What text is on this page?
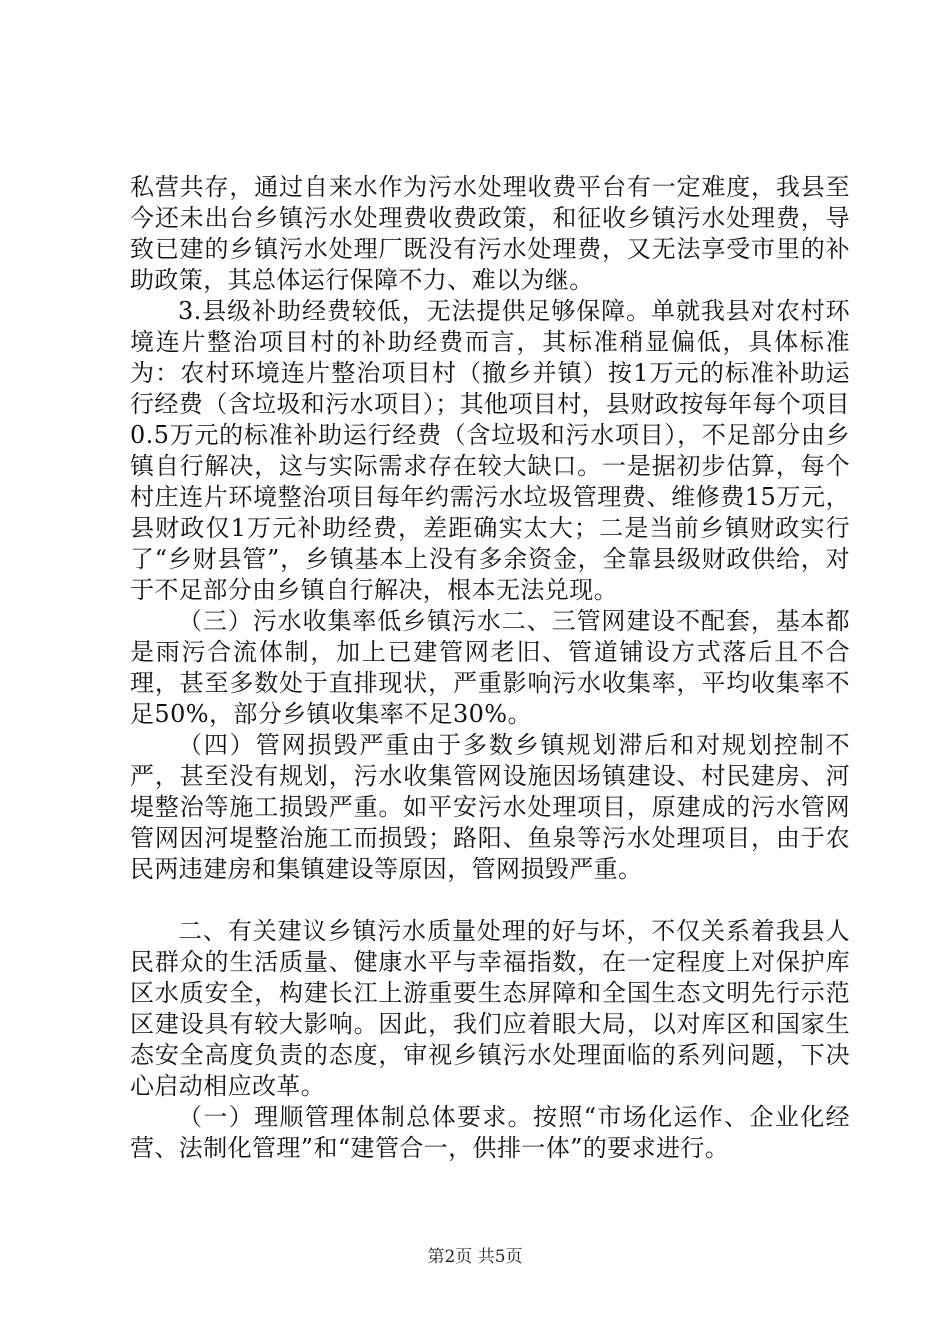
私营共存，通过自来水作为污水处理收费平台有一定难度，我县至今还未出台乡镇污水处理费收费政策，和征收乡镇污水处理费，导致已建的乡镇污水处理厂既没有污水处理费，又无法享受市里的补助政策，其总体运行保障不力、难以为继。

3.县级补助经费较低，无法提供足够保障。单就我县对农村环境连片整治项目村的补助经费而言，其标准稍显偏低，具体标准为：农村环境连片整治项目村（撤乡并镇）按1万元的标准补助运行经费（含垃圾和污水项目）；其他项目村，县财政按每年每个项目0.5万元的标准补助运行经费（含垃圾和污水项目），不足部分由乡镇自行解决，这与实际需求存在较大缺口。一是据初步估算，每个村庄连片环境整治项目每年约需污水垃圾管理费、维修费15万元，县财政仅1万元补助经费，差距确实太大；二是当前乡镇财政实行了“乡财县管”，乡镇基本上没有多余资金，全靠县级财政供给，对于不足部分由乡镇自行解决，根本无法兑现。

（三）污水收集率低乡镇污水二、三管网建设不配套，基本都是雨污合流体制，加上已建管网老旧、管道铺设方式落后且不合理，甚至多数处于直排现状，严重影响污水收集率，平均收集率不足50%，部分乡镇收集率不足30%。

（四）管网损毁严重由于多数乡镇规划滞后和对规划控制不严，甚至没有规划，污水收集管网设施因场镇建设、村民建房、河堤整治等施工损毁严重。如平安污水处理项目，原建成的污水管网管网因河堤整治施工而损毁；路阳、鱼泉等污水处理项目，由于农民两违建房和集镇建设等原因，管网损毁严重。

二、有关建议乡镇污水质量处理的好与坏，不仅关系着我县人民群众的生活质量、健康水平与幸福指数，在一定程度上对保护库区水质安全，构建长江上游重要生态屏障和全国生态文明先行示范区建设具有较大影响。因此，我们应着眼大局，以对库区和国家生态安全高度负责的态度，审视乡镇污水处理面临的系列问题，下决心启动相应改革。

（一）理顺管理体制总体要求。按照“市场化运作、企业化经营、法制化管理”和“建管合一，供排一体”的要求进行。

第2页 共5页
